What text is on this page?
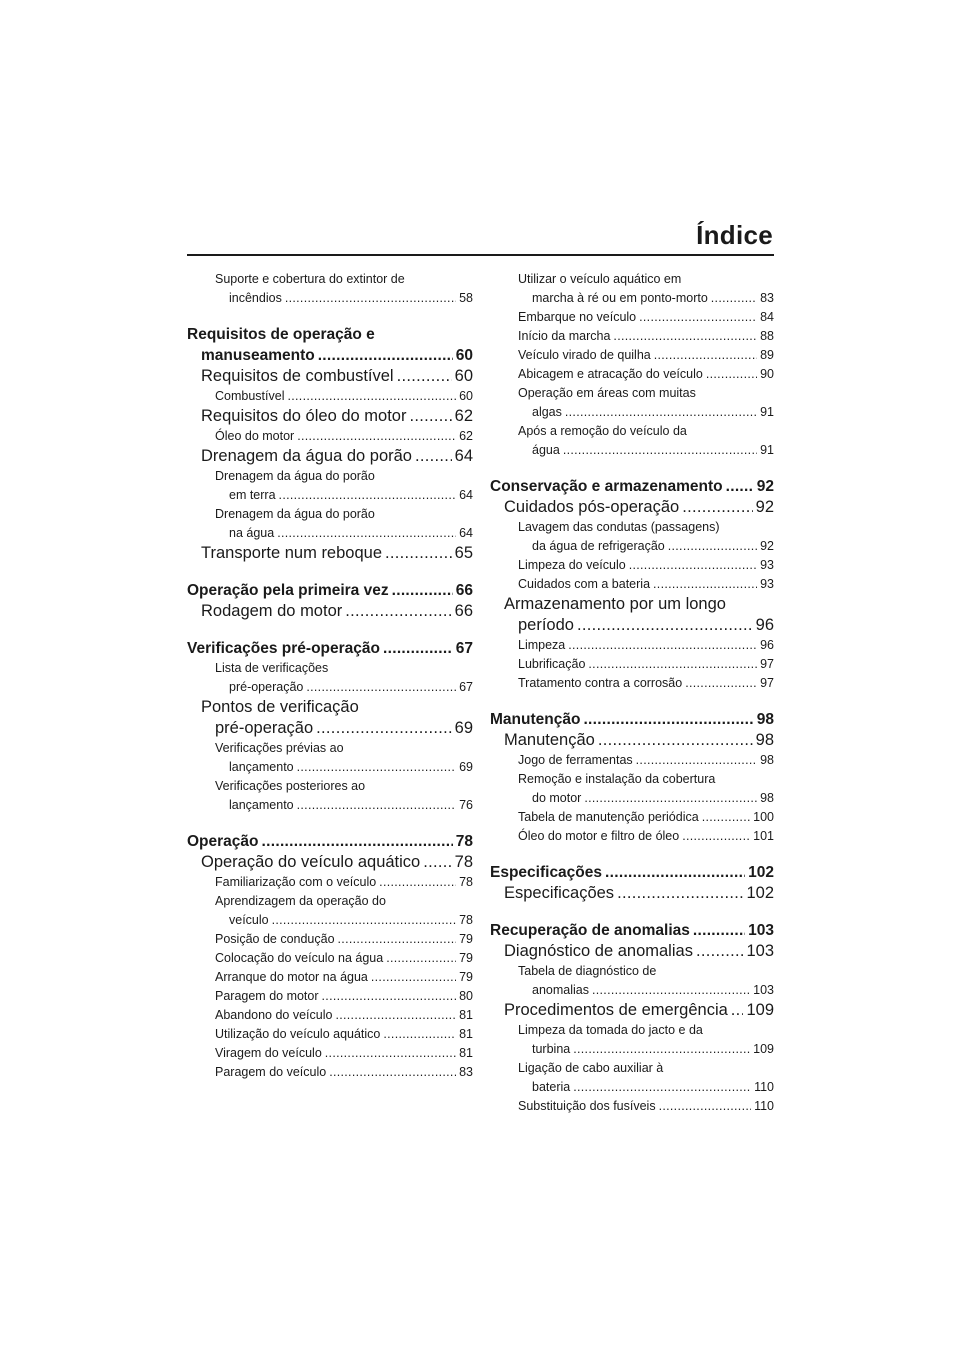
Índice
Suporte e cobertura do extintor de
incêndios .....	58
Requisitos de operação e
manuseamento .....	60
Requisitos de combustível .....	60
Combustível .....	60
Requisitos do óleo do motor .....	62
Óleo do motor .....	62
Drenagem da água do porão .....	64
Drenagem da água do porão
em terra .....	64
Drenagem da água do porão
na água .....	64
Transporte num reboque .....	65
Operação pela primeira vez .....	66
Rodagem do motor .....	66
Verificações pré-operação .....	67
Lista de verificações
pré-operação .....	67
Pontos de verificação
pré-operação .....	69
Verificações prévias ao
lançamento .....	69
Verificações posteriores ao
lançamento .....	76
Operação .....	78
Operação do veículo aquático ..... 78
Familiarização com o veículo .....	78
Aprendizagem da operação do
veículo .....	78
Posição de condução .....	79
Colocação do veículo na água .....	79
Arranque do motor na água .....	79
Paragem do motor .....	80
Abandono do veículo .....	81
Utilização do veículo aquático .....	81
Viragem do veículo .....	81
Paragem do veículo .....	83
Utilizar o veículo aquático em
marcha à ré ou em ponto-morto .....	83
Embarque no veículo .....	84
Início da marcha .....	88
Veículo virado de quilha .....	89
Abicagem e atracação do veículo .....	90
Operação em áreas com muitas
algas .....	91
Após a remoção do veículo da
água .....	91
Conservação e armazenamento ..... 92
Cuidados pós-operação .....	92
Lavagem das condutas (passagens)
da água de refrigeração .....	92
Limpeza do veículo .....	93
Cuidados com a bateria .....	93
Armazenamento por um longo
período .....	96
Limpeza .....	96
Lubrificação .....	97
Tratamento contra a corrosão .....	97
Manutenção .....	98
Manutenção .....	98
Jogo de ferramentas .....	98
Remoção e instalação da cobertura
do motor .....	98
Tabela de manutenção periódica .....	100
Óleo do motor e filtro de óleo .....	101
Especificações .....	102
Especificações .....	102
Recuperação de anomalias .....	103
Diagnóstico de anomalias .....	103
Tabela de diagnóstico de
anomalias .....	103
Procedimentos de emergência ..... 109
Limpeza da tomada do jacto e da
turbina .....	109
Ligação de cabo auxiliar à
bateria .....	110
Substituição dos fusíveis .....	110
